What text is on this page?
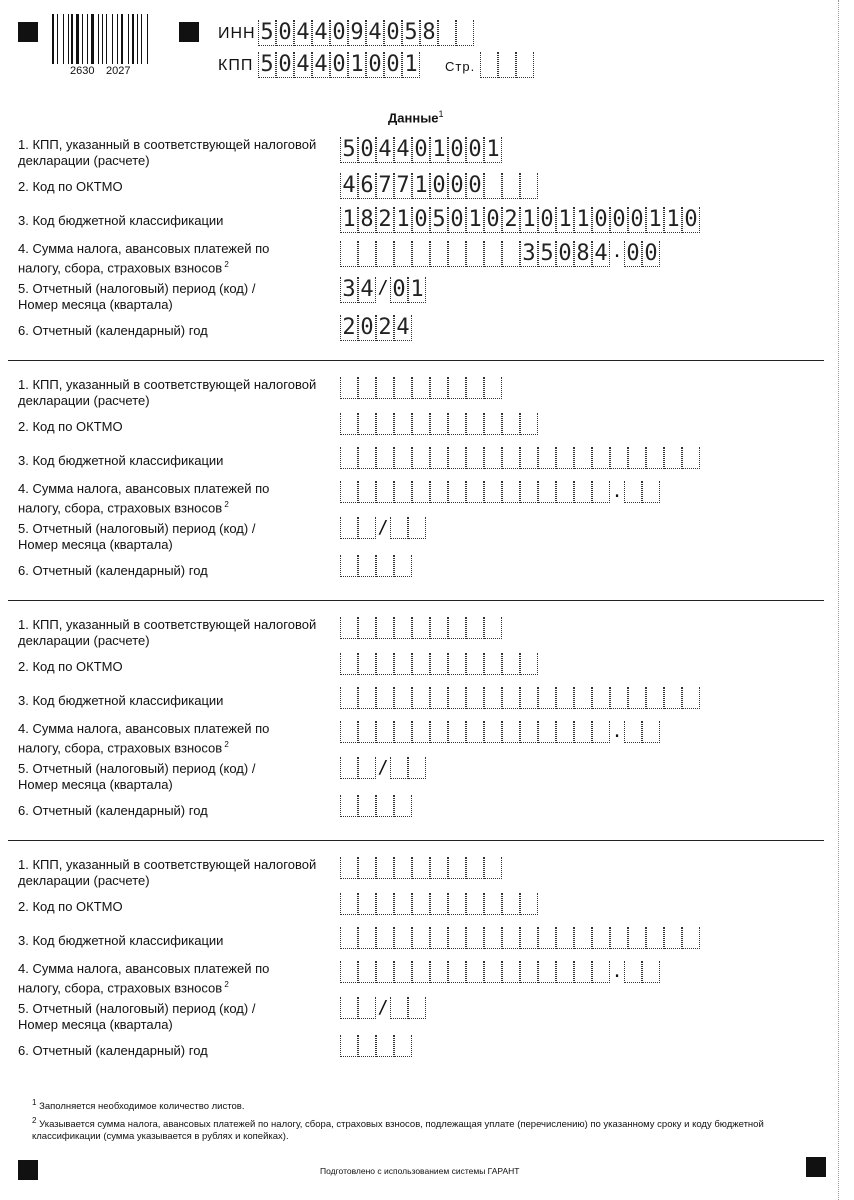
2630 2027
ИНН 5 0 4 4 0 9 4 0 5 8
КПП 5 0 4 4 0 1 0 0 1 Стр.
Данные$^1$
1. КПП, указанный в соответствующей налоговой
декларации (расчете)
2. Код по ОКТМО
3. Код бюджетной классификации
4. Сумма налога, авансовых платежей по
налогу, сбора, страховых взносов $^2$
5. Отчетный (налоговый) период (код) /
Номер месяца (квартала)
6. Отчетный (календарный) год
5 0 4 4 0 1 0 0 1
4 6 7 7 1 0 0 0
1 8 2 1 0 5 0 1 0 2 1 0 1 1 0 0 0 1 1 0
3 5 0 8 4 . 0 0
3 4 / 0 1
2 0 2 4
1. КПП, указанный в соответствующей налоговой
декларации (расчете)
2. Код по ОКТМО
3. Код бюджетной классификации
4. Сумма налога, авансовых платежей по
налогу, сбора, страховых взносов $^2$
5. Отчетный (налоговый) период (код) /
Номер месяца (квартала)
6. Отчетный (календарный) год
.
/
1. КПП, указанный в соответствующей налоговой
декларации (расчете)
2. Код по ОКТМО
3. Код бюджетной классификации
4. Сумма налога, авансовых платежей по
налогу, сбора, страховых взносов $^2$
5. Отчетный (налоговый) период (код) /
Номер месяца (квартала)
6. Отчетный (календарный) год
.
/
1. КПП, указанный в соответствующей налоговой
декларации (расчете)
2. Код по ОКТМО
3. Код бюджетной классификации
4. Сумма налога, авансовых платежей по
налогу, сбора, страховых взносов $^2$
5. Отчетный (налоговый) период (код) /
Номер месяца (квартала)
6. Отчетный (календарный) год
.
/
$^1$ Заполняется необходимое количество листов.
$^2$ Указывается сумма налога, авансовых платежей по налогу, сбора, страховых взносов, подлежащая уплате (перечислению) по указанному сроку и коду бюджетной
классификации (сумма указывается в рублях и копейках).
Подготовлено с использованием системы ГАРАНТ
